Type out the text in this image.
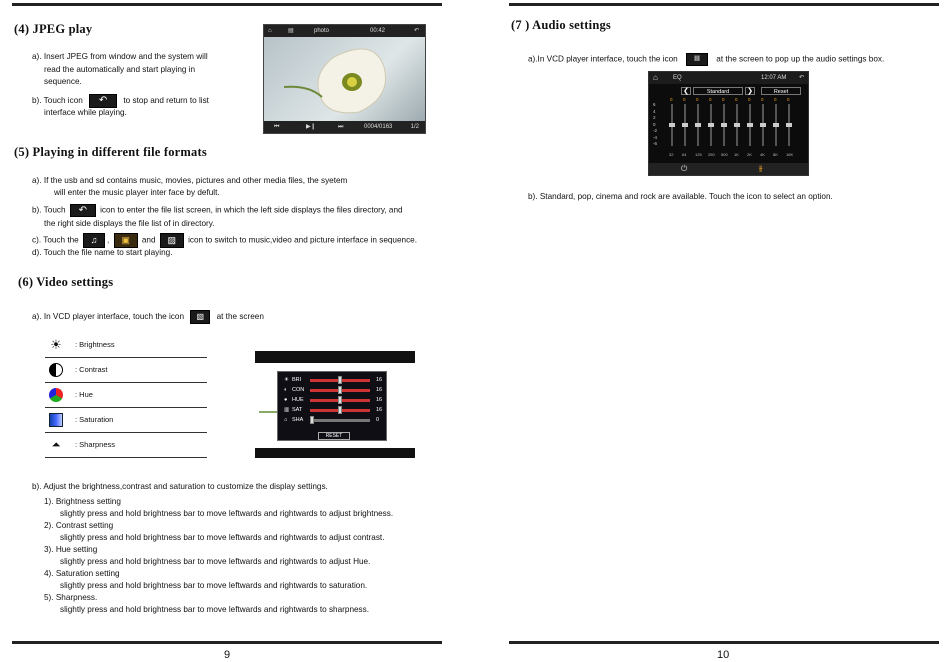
(4) JPEG play
a). Insert JPEG from window and the system will
read the automatically and start playing in
sequence.
b). Touch icon ↶ to stop and return to list
interface while playing.
⌂	▤	photo	00:42	↶
⏮	▶❙	⏭	0004/0163	1/2
(5) Playing in different file formats
a). If the usb and sd contains music, movies, pictures and other media files, the syetem
will enter the music player inter face by defult.
b). Touch ↶ icon to enter the file list screen, in which the left side displays the files directory, and
the right side displays the file list of in directory.
c). Touch the ♫ , ▣ and ▨ icon to switch to music,video and picture interface in sequence.
d). Touch the file name to start playing.
(6) Video settings
a). In VCD player interface, touch the icon ▧ at the screen
☀ : Brightness
: Contrast
: Hue
: Saturation
⏶	: Sharpness
☀ BRI	16
◐ CON	16
● HUE	16
▥ SAT	16
⌂ SHA	0
RESET
b). Adjust the brightness,contrast and saturation to customize the display settings.
1). Brightness setting
slightly press and hold brightness bar to move leftwards and rightwards to adjust brightness.
2). Contrast setting
slightly press and hold brightness bar to move leftwards and rightwards to adjust contrast.
3). Hue setting
slightly press and hold brightness bar to move leftwards and rightwards to adjust Hue.
4). Saturation setting
slightly press and hold brightness bar to move leftwards and rightwards to saturation.
5). Sharpness.
slightly press and hold brightness bar to move leftwards and rightwards to sharpness.
9
(7 ) Audio settings
a).In VCD player interface, touch the icon ‖‖ at the screen to pop up the audio settings box.
⌂	EQ	12:07 AM ↶
❮	Standard	❯	Reset
6
4
2
0
-2
-4
-6
0
32
0
64
0
125
0
250
0
500
0
1K
0
2K
0
4K
0
8K
0
16K
⏻	⫵
b). Standard, pop, cinema and rock are available. Touch the icon to select an option.
10
